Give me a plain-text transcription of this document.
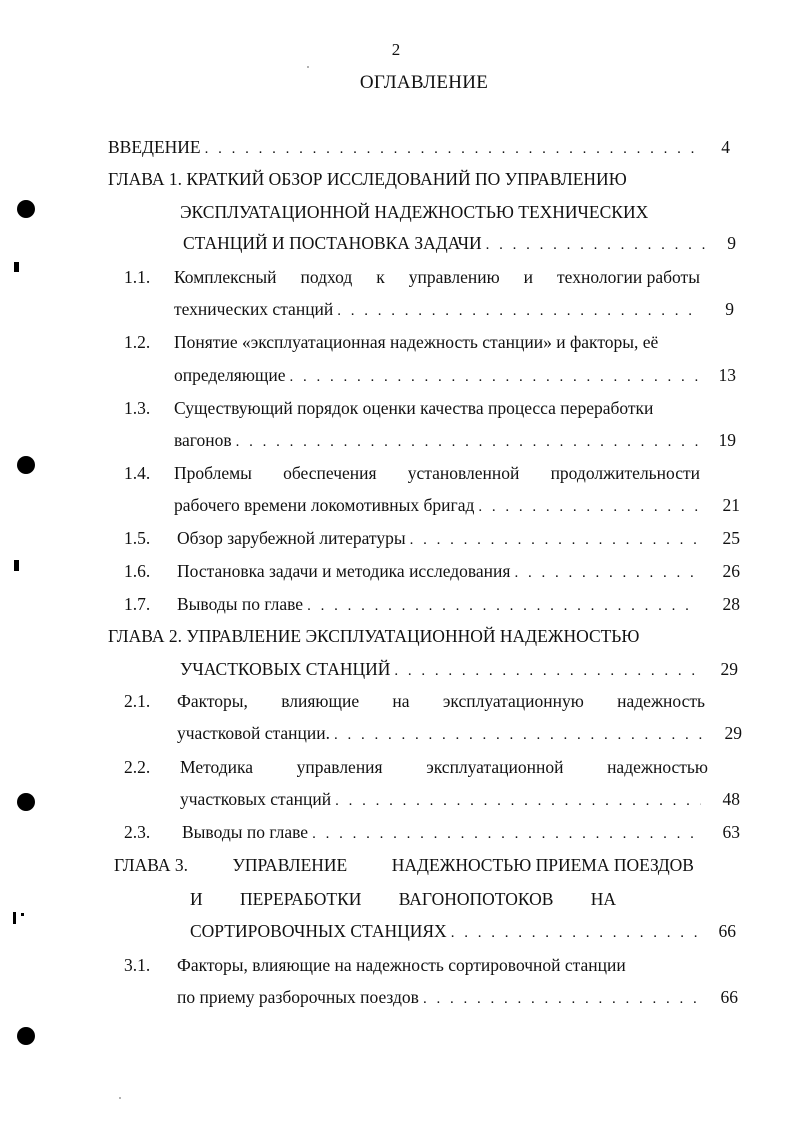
2
ОГЛАВЛЕНИЕ
ВВЕДЕНИЕ . . .	4
ГЛАВА 1. КРАТКИЙ ОБЗОР ИССЛЕДОВАНИЙ ПО УПРАВЛЕНИЮ
ЭКСПЛУАТАЦИОННОЙ НАДЕЖНОСТЬЮ ТЕХНИЧЕСКИХ
СТАНЦИЙ И ПОСТАНОВКА ЗАДАЧИ . . .	9
1.1. Комплексный подход к управлению и технологии работы
технических станций . . .	9
1.2. Понятие «эксплуатационная надежность станции» и факторы, её
определяющие . . .	13
1.3. Существующий порядок оценки качества процесса переработки
вагонов . . .	19
1.4. Проблемы обеспечения установленной продолжительности
рабочего времени локомотивных бригад . . .	21
1.5. Обзор зарубежной литературы . . .	25
1.6. Постановка задачи и методика исследования . . .	26
1.7. Выводы по главе . . .	28
ГЛАВА 2. УПРАВЛЕНИЕ ЭКСПЛУАТАЦИОННОЙ НАДЕЖНОСТЬЮ
УЧАСТКОВЫХ СТАНЦИЙ . . .	29
2.1. Факторы, влияющие на эксплуатационную надежность
участковой станции. . . .	29
2.2. Методика управления эксплуатационной надежностью
участковых станций . . .	48
2.3. Выводы по главе . . .	63
ГЛАВА 3.	УПРАВЛЕНИЕ	НАДЕЖНОСТЬЮ ПРИЕМА ПОЕЗДОВ
И ПЕРЕРАБОТКИ ВАГОНОПОТОКОВ НА
СОРТИРОВОЧНЫХ СТАНЦИЯХ . . .	66
3.1. Факторы, влияющие на надежность сортировочной станции
по приему разборочных поездов . . .	66
